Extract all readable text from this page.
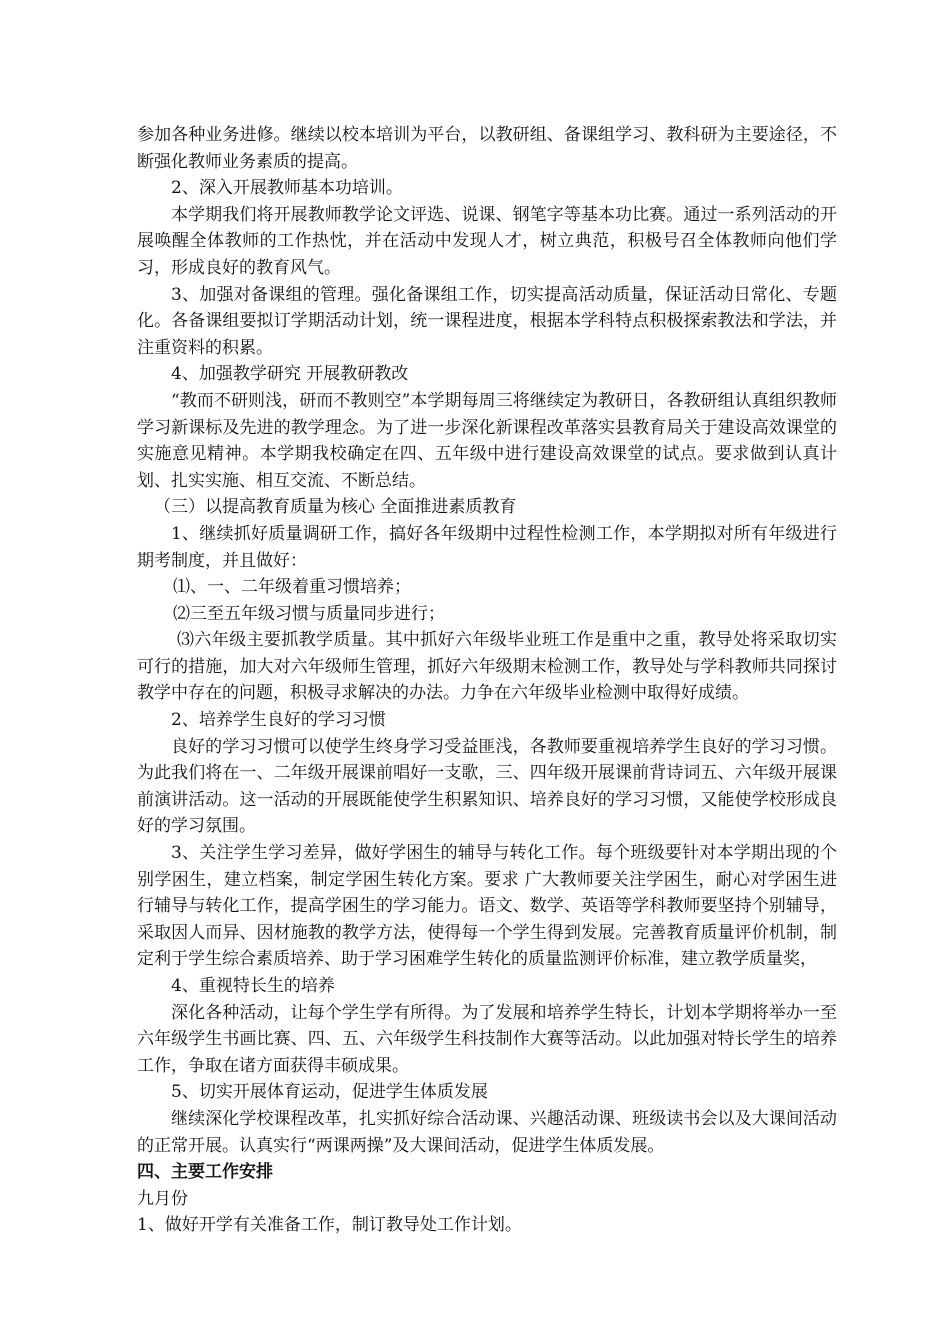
参加各种业务进修。继续以校本培训为平台，以教研组、备课组学习、教科研为主要途径，不断强化教师业务素质的提高。

2、深入开展教师基本功培训。

本学期我们将开展教师教学论文评选、说课、钢笔字等基本功比赛。通过一系列活动的开展唤醒全体教师的工作热忱，并在活动中发现人才，树立典范，积极号召全体教师向他们学习，形成良好的教育风气。

3、加强对备课组的管理。强化备课组工作，切实提高活动质量，保证活动日常化、专题化。各备课组要拟订学期活动计划，统一课程进度，根据本学科特点积极探索教法和学法，并注重资料的积累。

4、加强教学研究 开展教研教改

“教而不研则浅，研而不教则空”本学期每周三将继续定为教研日，各教研组认真组织教师学习新课标及先进的教学理念。为了进一步深化新课程改革落实县教育局关于建设高效课堂的实施意见精神。本学期我校确定在四、五年级中进行建设高效课堂的试点。要求做到认真计划、扎实实施、相互交流、不断总结。

（三）以提高教育质量为核心 全面推进素质教育

1、继续抓好质量调研工作，搞好各年级期中过程性检测工作，本学期拟对所有年级进行期考制度，并且做好：

⑴、一、二年级着重习惯培养；

⑵三至五年级习惯与质量同步进行；

⑶六年级主要抓教学质量。其中抓好六年级毕业班工作是重中之重，教导处将采取切实可行的措施，加大对六年级师生管理，抓好六年级期末检测工作，教导处与学科教师共同探讨教学中存在的问题，积极寻求解决的办法。力争在六年级毕业检测中取得好成绩。

2、培养学生良好的学习习惯

良好的学习习惯可以使学生终身学习受益匪浅，各教师要重视培养学生良好的学习习惯。为此我们将在一、二年级开展课前唱好一支歌，三、四年级开展课前背诗词五、六年级开展课前演讲活动。这一活动的开展既能使学生积累知识、培养良好的学习习惯，又能使学校形成良好的学习氛围。

3、关注学生学习差异，做好学困生的辅导与转化工作。每个班级要针对本学期出现的个别学困生，建立档案，制定学困生转化方案。要求 广大教师要关注学困生，耐心对学困生进行辅导与转化工作，提高学困生的学习能力。语文、数学、英语等学科教师要坚持个别辅导，采取因人而异、因材施教的教学方法，使得每一个学生得到发展。完善教育质量评价机制，制定利于学生综合素质培养、助于学习困难学生转化的质量监测评价标准，建立教学质量奖，

4、重视特长生的培养

深化各种活动，让每个学生学有所得。为了发展和培养学生特长，计划本学期将举办一至六年级学生书画比赛、四、五、六年级学生科技制作大赛等活动。以此加强对特长学生的培养工作，争取在诸方面获得丰硕成果。

5、切实开展体育运动，促进学生体质发展

继续深化学校课程改革，扎实抓好综合活动课、兴趣活动课、班级读书会以及大课间活动的正常开展。认真实行“两课两操”及大课间活动，促进学生体质发展。

四、主要工作安排

九月份

1、做好开学有关准备工作，制订教导处工作计划。
